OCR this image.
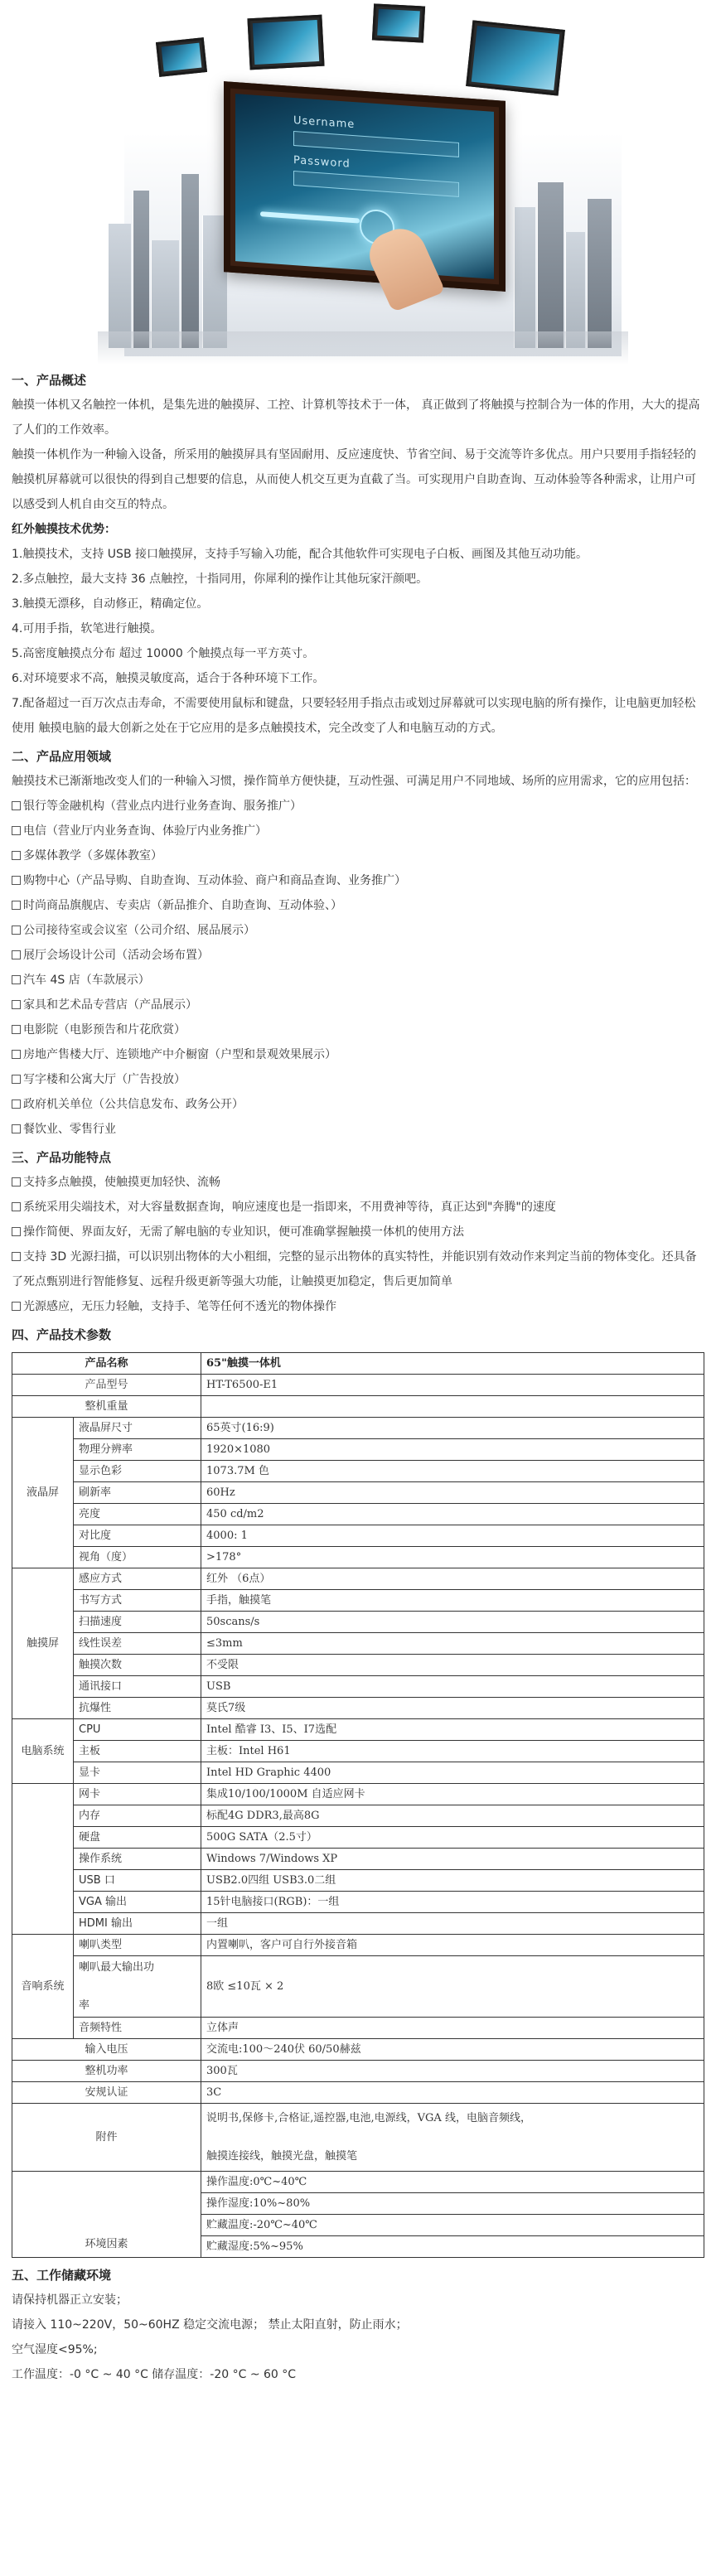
Username
Password
一、产品概述

触摸一体机又名触控一体机，是集先进的触摸屏、工控、计算机等技术于一体， 真正做到了将触摸与控制合为一体的作用，大大的提高了人们的工作效率。

触摸一体机作为一种输入设备，所采用的触摸屏具有坚固耐用、反应速度快、节省空间、易于交流等许多优点。用户只要用手指轻轻的触摸机屏幕就可以很快的得到自己想要的信息，从而使人机交互更为直截了当。可实现用户自助查询、互动体验等各种需求，让用户可以感受到人机自由交互的特点。

红外触摸技术优势：

1.触摸技术，支持 USB 接口触摸屏，支持手写输入功能，配合其他软件可实现电子白板、画图及其他互动功能。

2.多点触控，最大支持 36 点触控，十指同用，你犀利的操作让其他玩家汗颜吧。

3.触摸无漂移，自动修正，精确定位。

4.可用手指，软笔进行触摸。

5.高密度触摸点分布 超过 10000 个触摸点每一平方英寸。

6.对环境要求不高，触摸灵敏度高，适合于各种环境下工作。

7.配备超过一百万次点击寿命，不需要使用鼠标和键盘，只要轻轻用手指点击或划过屏幕就可以实现电脑的所有操作，让电脑更加轻松使用 触摸电脑的最大创新之处在于它应用的是多点触摸技术，完全改变了人和电脑互动的方式。

二、产品应用领域

触摸技术已渐渐地改变人们的一种输入习惯，操作简单方便快捷，互动性强、可满足用户不同地域、场所的应用需求，它的应用包括：

银行等金融机构（营业点内进行业务查询、服务推广）

电信（营业厅内业务查询、体验厅内业务推广）

多媒体教学（多媒体教室）

购物中心（产品导购、自助查询、互动体验、商户和商品查询、业务推广）

时尚商品旗舰店、专卖店（新品推介、自助查询、互动体验、）

公司接待室或会议室（公司介绍、展品展示）

展厅会场设计公司（活动会场布置）

汽车 4S 店（车款展示）

家具和艺术品专营店（产品展示）

电影院（电影预告和片花欣赏）

房地产售楼大厅、连锁地产中介橱窗（户型和景观效果展示）

写字楼和公寓大厅（广告投放）

政府机关单位（公共信息发布、政务公开）

餐饮业、零售行业

三、产品功能特点

支持多点触摸，使触摸更加轻快、流畅

系统采用尖端技术，对大容量数据查询，响应速度也是一指即来，不用费神等待，真正达到"奔腾"的速度

操作简便、界面友好，无需了解电脑的专业知识，便可准确掌握触摸一体机的使用方法

支持 3D 光源扫描，可以识别出物体的大小粗细，完整的显示出物体的真实特性，并能识别有效动作来判定当前的物体变化。还具备了死点甄别进行智能修复、远程升级更新等强大功能，让触摸更加稳定，售后更加简单

光源感应，无压力轻触，支持手、笔等任何不透光的物体操作

四、产品技术参数
产品名称		65"触摸一体机
产品型号		HT-T6500-E1
整机重量		
液晶屏	液晶屏尺寸	65英寸(16:9)
	物理分辨率	1920×1080
	显示色彩	1073.7M 色
	刷新率	60Hz
	亮度	450 cd/m2
	对比度	4000: 1
	视角（度）	>178°
触摸屏	感应方式	红外 （6点）
	书写方式	手指，触摸笔
	扫描速度	50scans/s
	线性误差	≤3mm
	触摸次数	不受限
	通讯接口	USB
	抗爆性	莫氏7级
电脑系统	CPU	Intel 酷睿 I3、I5、I7选配
	主板	主板：Intel H61
	显卡	Intel HD Graphic 4400
	网卡	集成10/100/1000M 自适应网卡
	内存	标配4G DDR3,最高8G
	硬盘	500G SATA（2.5寸）
	操作系统	Windows 7/Windows XP
	USB 口	USB2.0四组 USB3.0二组
	VGA 输出	15针电脑接口(RGB)：一组
	HDMI 输出	一组
音响系统	喇叭类型	内置喇叭，客户可自行外接音箱

	喇叭最大输出功
率	8欧 ≤10瓦 × 2
	音频特性	立体声
输入电压		交流电:100～240伏 60/50赫兹
整机功率		300瓦
安规认证		3C
附件		说明书,保修卡,合格证,遥控器,电池,电源线，VGA 线，电脑音频线，
触摸连接线，触摸光盘，触摸笔

环境因素		操作温度:0℃~40℃
		操作湿度:10%~80%
		贮藏温度:-20℃~40℃
		贮藏湿度:5%~95%
五、工作储藏环境

请保持机器正立安装；

请接入 110~220V，50~60HZ 稳定交流电源； 禁止太阳直射，防止雨水；

空气湿度<95%;

工作温度：-0 °C ~ 40 °C 储存温度：-20 °C ~ 60 °C
